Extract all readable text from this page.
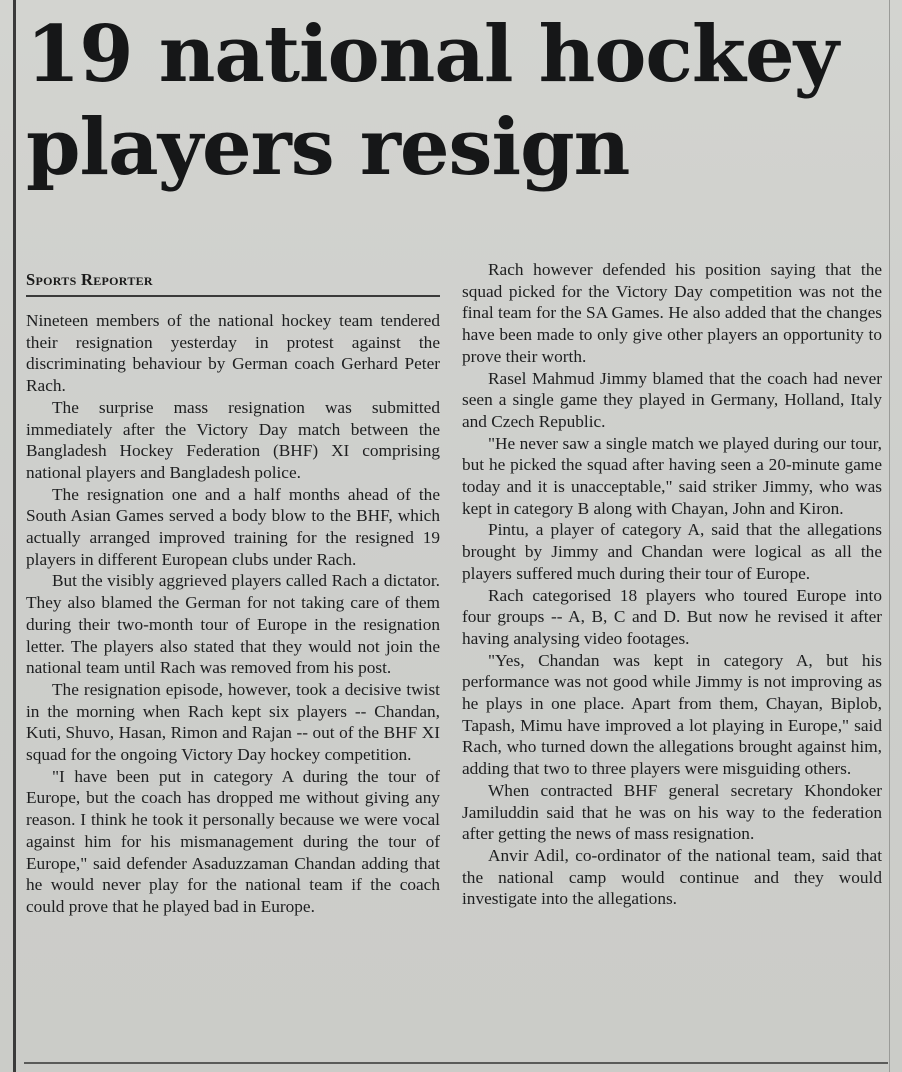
19 national hockey players resign
Sports Reporter

Nineteen members of the national hockey team tendered their resignation yesterday in protest against the discriminating behaviour by German coach Gerhard Peter Rach.

The surprise mass resignation was submitted immediately after the Victory Day match between the Bangladesh Hockey Federation (BHF) XI comprising national players and Bangladesh police.

The resignation one and a half months ahead of the South Asian Games served a body blow to the BHF, which actually arranged improved training for the resigned 19 players in different European clubs under Rach.

But the visibly aggrieved players called Rach a dictator. They also blamed the German for not taking care of them during their two-month tour of Europe in the resignation letter. The players also stated that they would not join the national team until Rach was removed from his post.

The resignation episode, however, took a decisive twist in the morning when Rach kept six players -- Chandan, Kuti, Shuvo, Hasan, Rimon and Rajan -- out of the BHF XI squad for the ongoing Victory Day hockey competition.

"I have been put in category A during the tour of Europe, but the coach has dropped me without giving any reason. I think he took it personally because we were vocal against him for his mismanagement during the tour of Europe," said defender Asaduzzaman Chandan adding that he would never play for the national team if the coach could prove that he played bad in Europe.

Rach however defended his position saying that the squad picked for the Victory Day competition was not the final team for the SA Games. He also added that the changes have been made to only give other players an opportunity to prove their worth.

Rasel Mahmud Jimmy blamed that the coach had never seen a single game they played in Germany, Holland, Italy and Czech Republic.

"He never saw a single match we played during our tour, but he picked the squad after having seen a 20-minute game today and it is unacceptable," said striker Jimmy, who was kept in category B along with Chayan, John and Kiron.

Pintu, a player of category A, said that the allegations brought by Jimmy and Chandan were logical as all the players suffered much during their tour of Europe.

Rach categorised 18 players who toured Europe into four groups -- A, B, C and D. But now he revised it after having analysing video footages.

"Yes, Chandan was kept in category A, but his performance was not good while Jimmy is not improving as he plays in one place. Apart from them, Chayan, Biplob, Tapash, Mimu have improved a lot playing in Europe," said Rach, who turned down the allegations brought against him, adding that two to three players were misguiding others.

When contracted BHF general secretary Khondoker Jamiluddin said that he was on his way to the federation after getting the news of mass resignation.

Anvir Adil, co-ordinator of the national team, said that the national camp would continue and they would investigate into the allegations.
